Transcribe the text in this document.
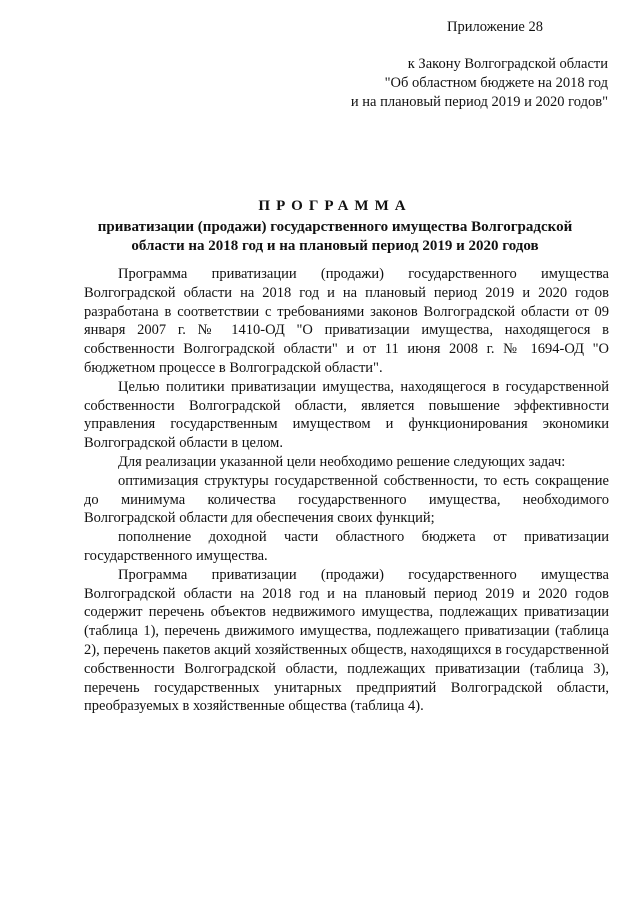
Приложение 28
к Закону Волгоградской области
"Об областном бюджете на 2018 год
и на плановый период 2019 и 2020 годов"
ПРОГРАММА
приватизации (продажи) государственного имущества Волгоградской
области на 2018 год и на плановый период 2019 и 2020 годов

Программа приватизации (продажи) государственного имущества Волгоградской области на 2018 год и на плановый период 2019 и 2020 годов разработана в соответствии с требованиями законов Волгоградской области от 09 января 2007 г. № 1410-ОД "О приватизации имущества, находящегося в собственности Волгоградской области" и от 11 июня 2008 г. № 1694-ОД "О бюджетном процессе в Волгоградской области".

Целью политики приватизации имущества, находящегося в государственной собственности Волгоградской области, является повышение эффективности управления государственным имуществом и функционирования экономики Волгоградской области в целом.

Для реализации указанной цели необходимо решение следующих задач:

оптимизация структуры государственной собственности, то есть сокращение до минимума количества государственного имущества, необходимого Волгоградской области для обеспечения своих функций;

пополнение доходной части областного бюджета от приватизации государственного имущества.

Программа приватизации (продажи) государственного имущества Волгоградской области на 2018 год и на плановый период 2019 и 2020 годов содержит перечень объектов недвижимого имущества, подлежащих приватизации (таблица 1), перечень движимого имущества, подлежащего приватизации (таблица 2), перечень пакетов акций хозяйственных обществ, находящихся в государственной собственности Волгоградской области, подлежащих приватизации (таблица 3), перечень государственных унитарных предприятий Волгоградской области, преобразуемых в хозяйственные общества (таблица 4).
